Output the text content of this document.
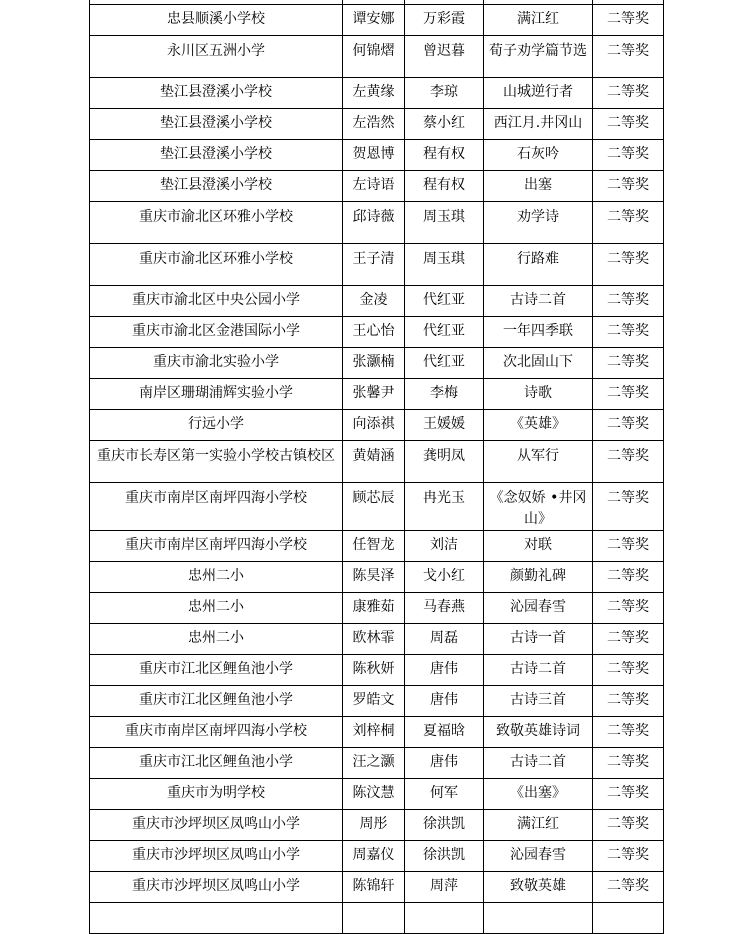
忠县顺溪小学校	谭安娜	万彩霞	满江红	二等奖

永川区五洲小学	何锦熠	曾迟暮	荀子劝学篇节选	二等奖

垫江县澄溪小学校	左黄缘	李琼	山城逆行者	二等奖

垫江县澄溪小学校	左浩然	蔡小红	西江月.井冈山	二等奖

垫江县澄溪小学校	贺恩博	程有权	石灰吟	二等奖

垫江县澄溪小学校	左诗语	程有权	出塞	二等奖

重庆市渝北区环雅小学校	邱诗薇	周玉琪	劝学诗	二等奖

重庆市渝北区环雅小学校	王子清	周玉琪	行路难	二等奖

重庆市渝北区中央公园小学	金凌	代红亚	古诗二首	二等奖

重庆市渝北区金港国际小学	王心怡	代红亚	一年四季联	二等奖

重庆市渝北实验小学	张灏楠	代红亚	次北固山下	二等奖

南岸区珊瑚浦辉实验小学	张馨尹	李梅	诗歌	二等奖

行远小学	向添祺	王媛媛	《英雄》	二等奖

重庆市长寿区第一实验小学校古镇校区	黄婧涵	龚明凤	从军行	二等奖

重庆市南岸区南坪四海小学校	顾芯辰	冉光玉	《念奴娇 •井冈山》	二等奖

重庆市南岸区南坪四海小学校	任智龙	刘洁	对联	二等奖

忠州二小	陈昊泽	戈小红	颜勤礼碑	二等奖

忠州二小	康雅茹	马春燕	沁园春雪	二等奖

忠州二小	欧林霏	周磊	古诗一首	二等奖

重庆市江北区鲤鱼池小学	陈秋妍	唐伟	古诗二首	二等奖

重庆市江北区鲤鱼池小学	罗皓文	唐伟	古诗三首	二等奖

重庆市南岸区南坪四海小学校	刘梓桐	夏福晗	致敬英雄诗词	二等奖

重庆市江北区鲤鱼池小学	汪之灏	唐伟	古诗二首	二等奖

重庆市为明学校	陈汶慧	何军	《出塞》	二等奖

重庆市沙坪坝区凤鸣山小学	周彤	徐洪凯	满江红	二等奖

重庆市沙坪坝区凤鸣山小学	周嘉仪	徐洪凯	沁园春雪	二等奖

重庆市沙坪坝区凤鸣山小学	陈锦轩	周萍	致敬英雄	二等奖
